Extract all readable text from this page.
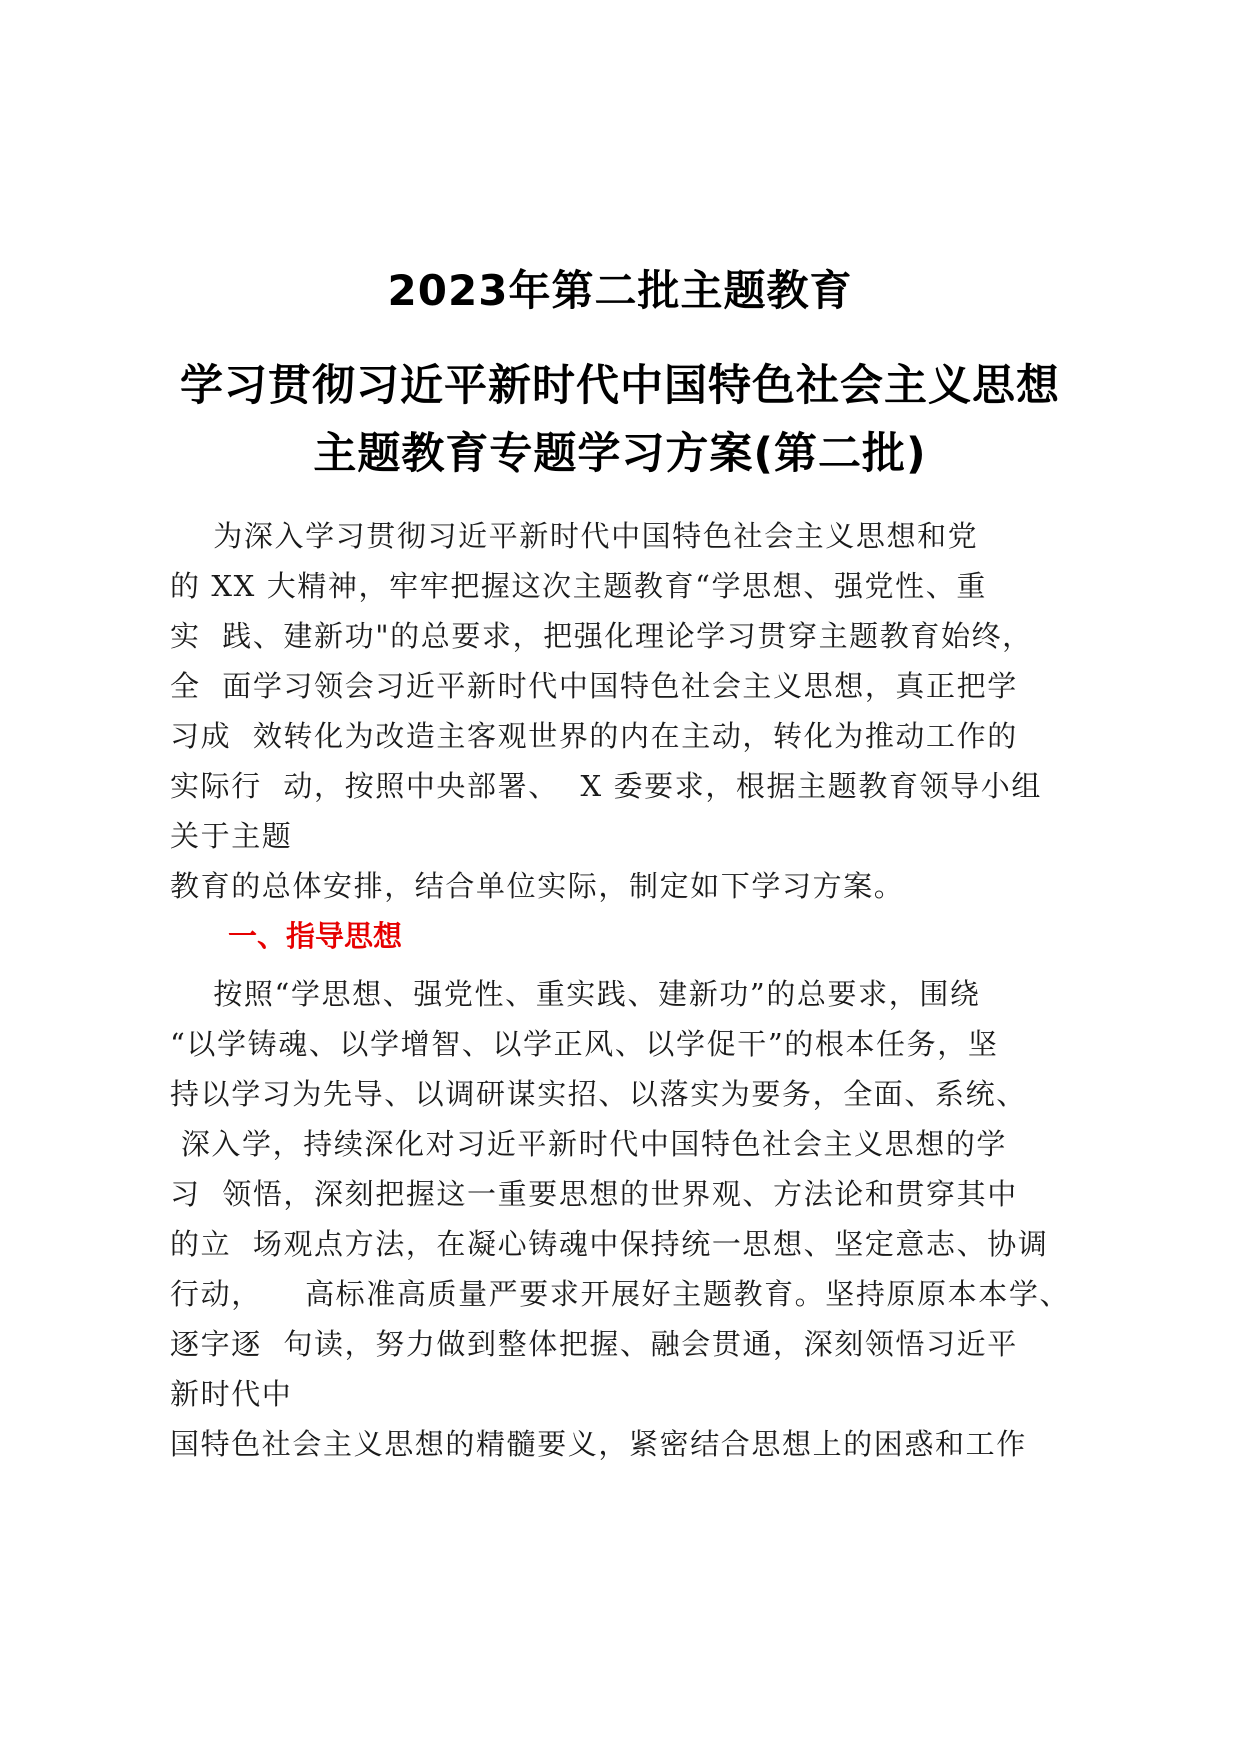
2023年第二批主题教育
学习贯彻习近平新时代中国特色社会主义思想
主题教育专题学习方案(第二批)
为深入学习贯彻习近平新时代中国特色社会主义思想和党
的 XX 大精神，牢牢把握这次主题教育“学思想、强党性、重
实  践、建新功"的总要求，把强化理论学习贯穿主题教育始终，
全  面学习领会习近平新时代中国特色社会主义思想，真正把学
习成  效转化为改造主客观世界的内在主动，转化为推动工作的
实际行  动，按照中央部署、  X 委要求，根据主题教育领导小组
关于主题
教育的总体安排，结合单位实际，制定如下学习方案。
一、指导思想
按照“学思想、强党性、重实践、建新功”的总要求，围绕
“以学铸魂、以学增智、以学正风、以学促干”的根本任务，坚
持以学习为先导、以调研谋实招、以落实为要务，全面、系统、
深入学，持续深化对习近平新时代中国特色社会主义思想的学
习  领悟，深刻把握这一重要思想的世界观、方法论和贯穿其中
的立  场观点方法，在凝心铸魂中保持统一思想、坚定意志、协调
行动，    高标准高质量严要求开展好主题教育。坚持原原本本学、
逐字逐  句读，努力做到整体把握、融会贯通，深刻领悟习近平
新时代中
国特色社会主义思想的精髓要义，紧密结合思想上的困惑和工作
